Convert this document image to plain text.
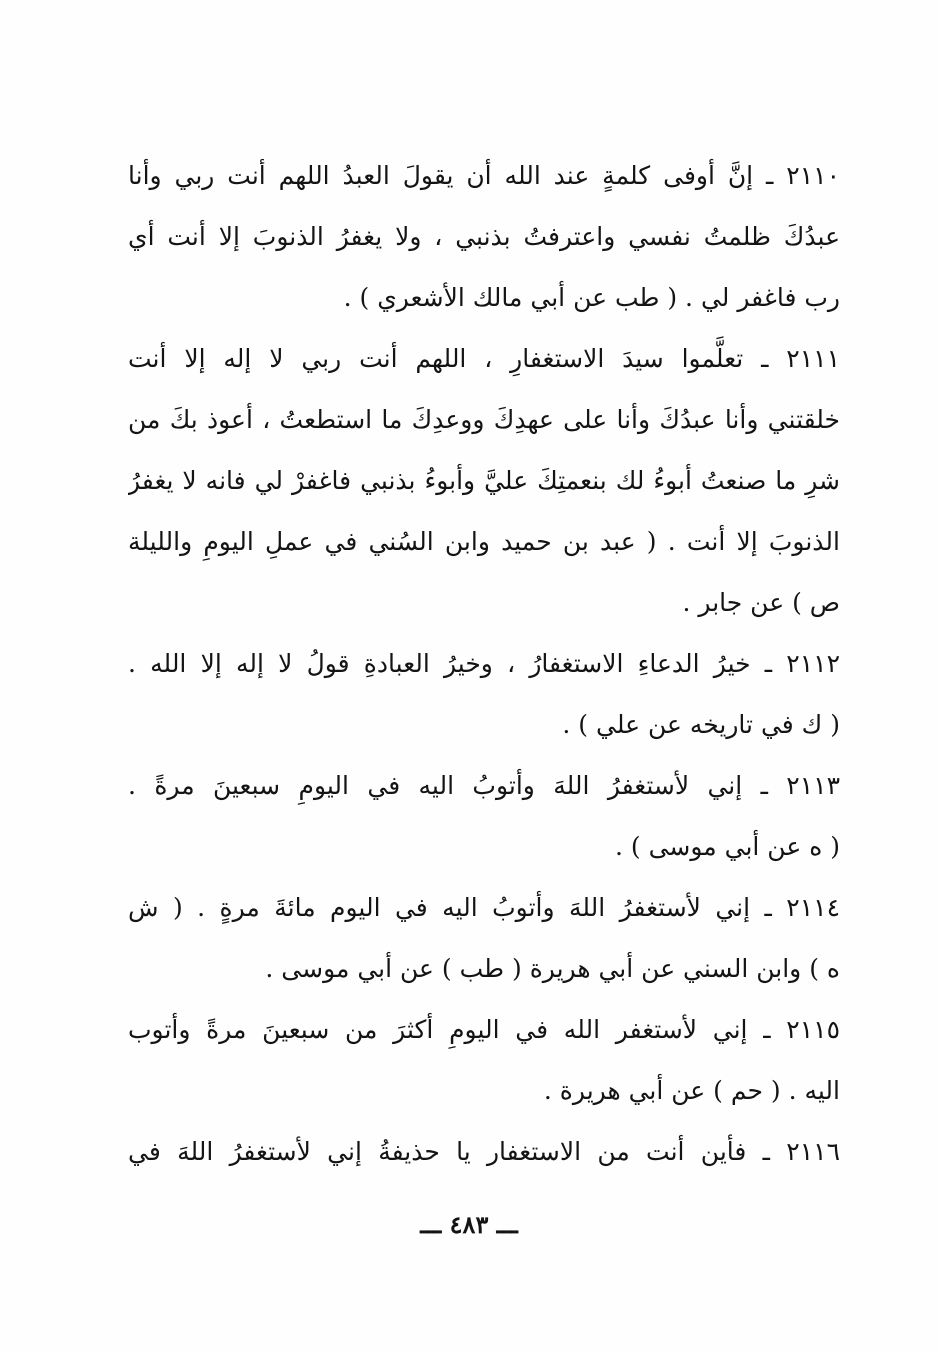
٢١١٠ ـ إنَّ أوفى كلمةٍ عند الله أن يقولَ العبدُ اللهم أنت ربي وأنا
عبدُكَ ظلمتُ نفسي واعترفتُ بذنبي ، ولا يغفرُ الذنوبَ إلا أنت أي
رب فاغفر لي . ( طب عن أبي مالك الأشعري ) .
٢١١١ ـ تعلَّموا سيدَ الاستغفارِ ، اللهم أنت ربي لا إله إلا أنت
خلقتني وأنا عبدُكَ وأنا على عهدِكَ ووعدِكَ ما استطعتُ ، أعوذ بكَ من
شرِ ما صنعتُ أبوءُ لك بنعمتِكَ عليَّ وأبوءُ بذنبي فاغفرْ لي فانه لا يغفرُ
الذنوبَ إلا أنت . ( عبد بن حميد وابن السُني في عملِ اليومِ والليلة
ص ) عن جابر .
٢١١٢ ـ خيرُ الدعاءِ الاستغفارُ ، وخيرُ العبادةِ قولُ لا إله إلا الله .
( ك في تاريخه عن علي ) .
٢١١٣ ـ إني لأستغفرُ اللهَ وأتوبُ اليه في اليومِ سبعينَ مرةً .
( ه عن أبي موسى ) .
٢١١٤ ـ إني لأستغفرُ اللهَ وأتوبُ اليه في اليوم مائةَ مرةٍ . ( ش
ه ) وابن السني عن أبي هريرة ( طب ) عن أبي موسى .
٢١١٥ ـ إني لأستغفر الله في اليومِ أكثرَ من سبعينَ مرةً وأتوب
اليه . ( حم ) عن أبي هريرة .
٢١١٦ ـ فأين أنت من الاستغفار يا حذيفةُ إني لأستغفرُ اللهَ في
ـــ ٤٨٣ ـــ
